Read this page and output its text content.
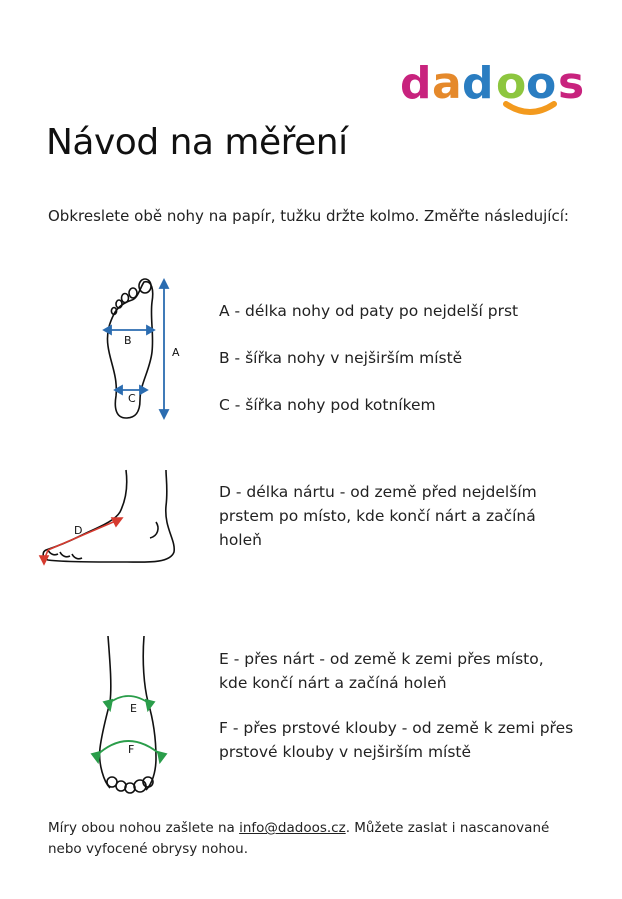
d a d o o s
Návod na měření
Obkreslete obě nohy na papír, tužku držte kolmo. Změřte následující:
A
B
C
D
E
F

A - délka nohy od paty po nejdelší prst

B - šířka nohy v nejširším místě

C - šířka nohy pod kotníkem

D - délka nártu - od země před nejdelším

prstem po místo, kde končí nárt a začíná

holeň

E - přes nárt - od země k zemi přes místo,

kde končí nárt a začíná holeň

F - přes prstové klouby - od země k zemi přes

prstové klouby v nejširším místě

Míry obou nohou zašlete na info@dadoos.cz. Můžete zaslat i nascanované
nebo vyfocené obrysy nohou.
